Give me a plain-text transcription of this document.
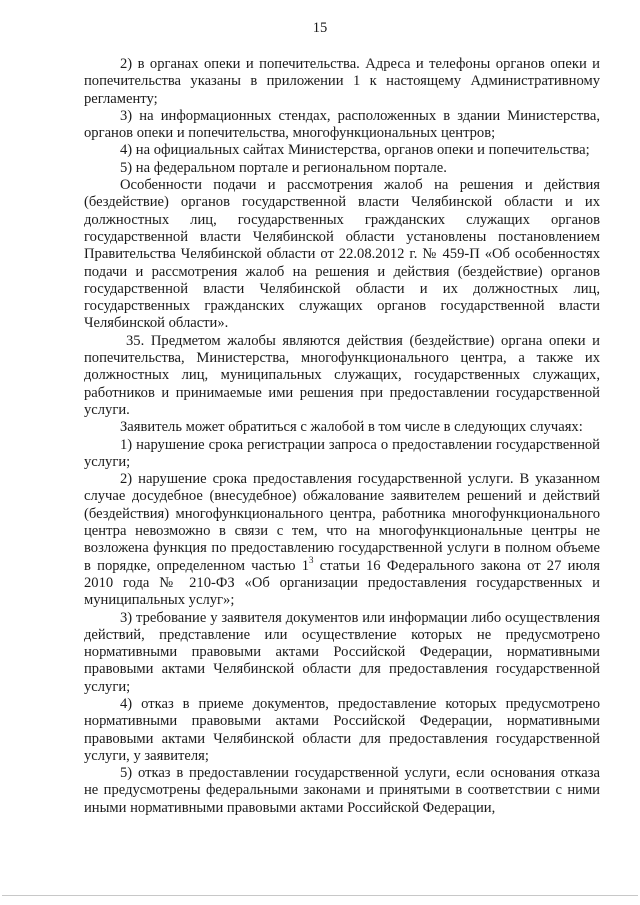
15

2) в органах опеки и попечительства. Адреса и телефоны органов опеки и попечительства указаны в приложении 1 к настоящему Административному регламенту;

3) на информационных стендах, расположенных в здании Министерства, органов опеки и попечительства, многофункциональных центров;

4) на официальных сайтах Министерства, органов опеки и попечительства;

5) на федеральном портале и региональном портале.

Особенности подачи и рассмотрения жалоб на решения и действия (бездействие) органов государственной власти Челябинской области и их должностных лиц, государственных гражданских служащих органов государственной власти Челябинской области установлены постановлением Правительства Челябинской области от 22.08.2012 г. № 459-П «Об особенностях подачи и рассмотрения жалоб на решения и действия (бездействие) органов государственной власти Челябинской области и их должностных лиц, государственных гражданских служащих органов государственной власти Челябинской области».

35. Предметом жалобы являются действия (бездействие) органа опеки и попечительства, Министерства, многофункционального центра, а также их должностных лиц, муниципальных служащих, государственных служащих, работников и принимаемые ими решения при предоставлении государственной услуги.

Заявитель может обратиться с жалобой в том числе в следующих случаях:

1) нарушение срока регистрации запроса о предоставлении государственной услуги;

2) нарушение срока предоставления государственной услуги. В указанном случае досудебное (внесудебное) обжалование заявителем решений и действий (бездействия) многофункционального центра, работника многофункционального центра невозможно в связи с тем, что на многофункциональные центры не возложена функция по предоставлению государственной услуги в полном объеме в порядке, определенном частью $1^3$ статьи 16 Федерального закона от 27 июля 2010 года № 210-ФЗ «Об организации предоставления государственных и муниципальных услуг»;

3) требование у заявителя документов или информации либо осуществления действий, представление или осуществление которых не предусмотрено нормативными правовыми актами Российской Федерации, нормативными правовыми актами Челябинской области для предоставления государственной услуги;

4) отказ в приеме документов, предоставление которых предусмотрено нормативными правовыми актами Российской Федерации, нормативными правовыми актами Челябинской области для предоставления государственной услуги, у заявителя;

5) отказ в предоставлении государственной услуги, если основания отказа не предусмотрены федеральными законами и принятыми в соответствии с ними иными нормативными правовыми актами Российской Федерации,
